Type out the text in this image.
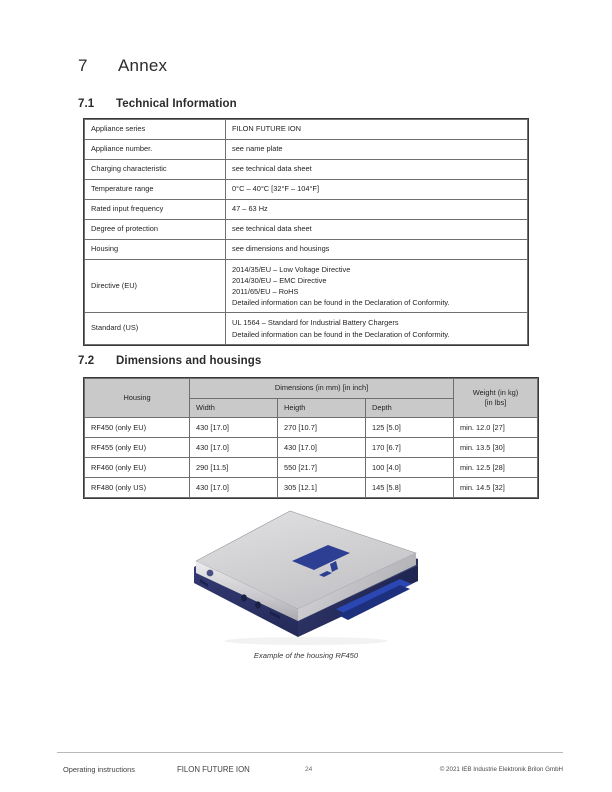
7 Annex
7.1 Technical Information
Appliance series	FILON FUTURE ION
Appliance number.	see name plate
Charging characteristic	see technical data sheet
Temperature range	0°C – 40°C [32°F – 104°F]
Rated input frequency	47 – 63 Hz
Degree of protection	see technical data sheet
Housing	see dimensions and housings
Directive (EU)	2014/35/EU – Low Voltage Directive
2014/30/EU – EMC Directive
2011/65/EU – RoHS
Detailed information can be found in the Declaration of Conformity.
Standard (US)	UL 1564 – Standard for Industrial Battery Chargers
Detailed information can be found in the Declaration of Conformity.
7.2 Dimensions and housings
Housing	Dimensions (in mm) [in inch]			Weight (in kg)
[in lbs]
	Width	Heigth	Depth	
RF450 (only EU)	430 [17.0]	270 [10.7]	125 [5.0]	min. 12.0 [27]
RF455 (only EU)	430 [17.0]	430 [17.0]	170 [6.7]	min. 13.5 [30]
RF460 (only EU)	290 [11.5]	550 [21.7]	100 [4.0]	min. 12.5 [28]
RF480 (only US)	430 [17.0]	305 [12.1]	145 [5.8]	min. 14.5 [32]
Example of the housing RF450
Operating instructions	FILON FUTURE ION	24	© 2021 IEB Industrie Elektronik Brilon GmbH
